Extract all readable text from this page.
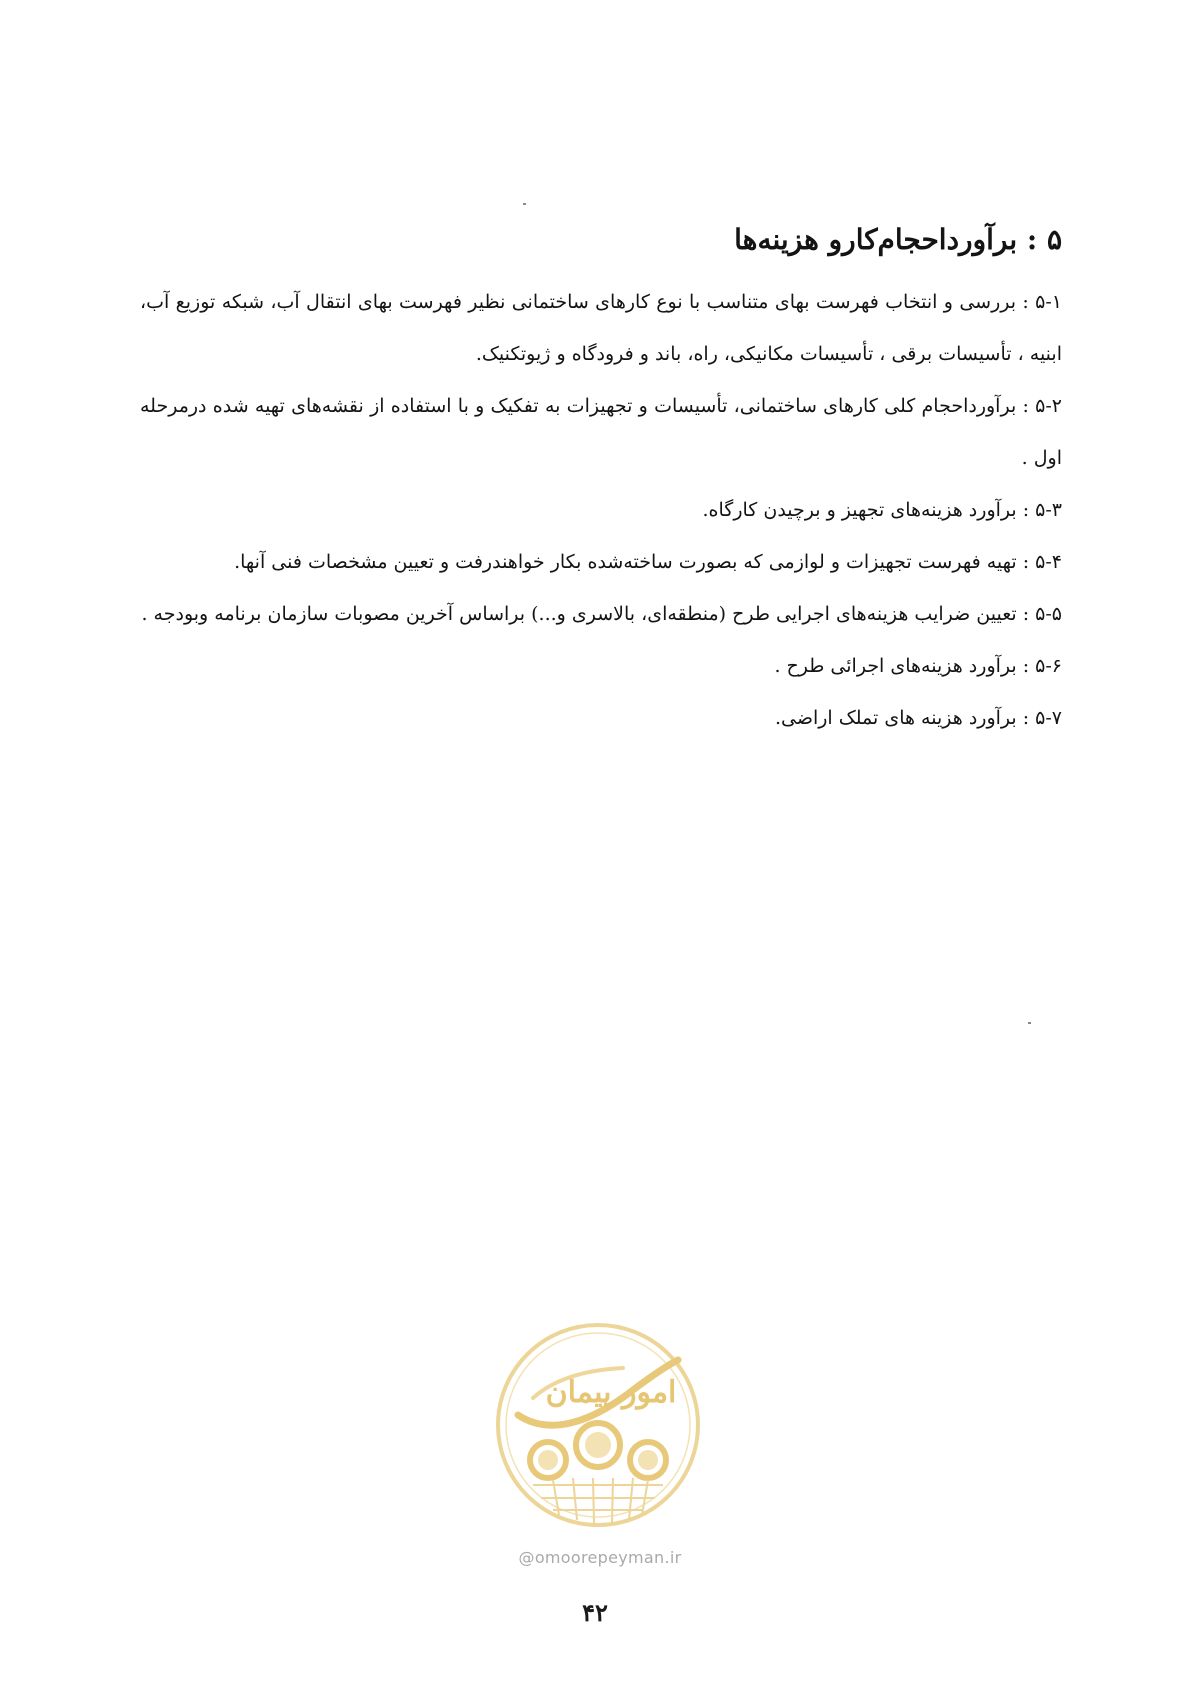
۵ : برآورداحجام‌کارو هزینه‌ها

۵-۱ : بررسی و انتخاب فهرست بهای متناسب با نوع کارهای ساختمانی نظیر فهرست بهای انتقال آب، شبکه توزیع آب، ابنیه ، تأسیسات برقی ، تأسیسات مکانیکی، راه، باند و فرودگاه و ژیوتکنیک.

۵-۲ : برآورداحجام کلی کارهای ساختمانی، تأسیسات و تجهیزات به تفکیک و با استفاده از نقشه‌های تهیه شده درمرحله اول .

۵-۳ : برآورد هزینه‌های تجهیز و برچیدن کارگاه.

۵-۴ : تهیه فهرست تجهیزات و لوازمی که بصورت ساخته‌شده بکار خواهندرفت و تعیین مشخصات فنی آنها.

۵-۵ : تعیین ضرایب هزینه‌های اجرایی طرح (منطقه‌ای، بالاسری و...) براساس آخرین مصوبات سازمان برنامه وبودجه .

۵-۶ : برآورد هزینه‌های اجرائی طرح .

۵-۷ : برآورد هزینه های تملک اراضی.

امور پیمان
@omoorepeyman.ir
۴۲
